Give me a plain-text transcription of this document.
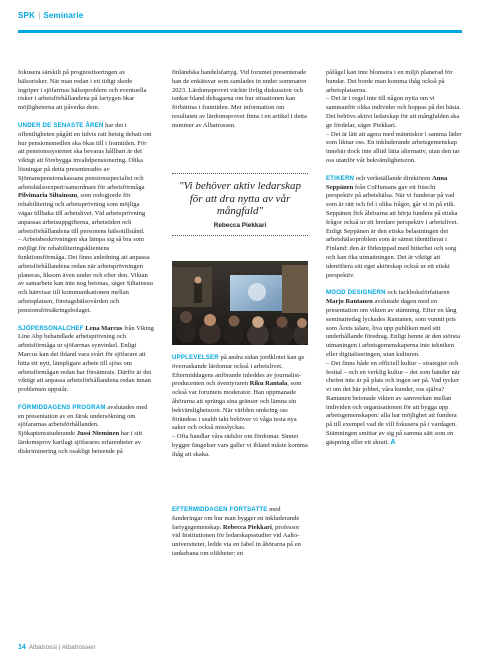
SPK | Seminarie

fokusera särskilt på prognostiseringen av hälsorisker. När man redan i ett tidigt skede ingriper i sjöfarrnas hälsoproblem och eventuella risker i arbetsförhållandena på fartygen ökar möjligheterna att påverka dem.

UNDER DE SENASTE ÅREN har det i offentligheten pågått en tidvis ratt hetsig debatt om hur pensionsmedlen ska ökas till i framtiden. För att pensionssystemet ska bevaras hållbart är det viktigt att förebygga invalidpensionering. Olika lösningar på detta presenterades av Sjömanspensionskassans pensionsspecialist och arbetshälsoexpert/samordnare för arbetsförmåga Pilvimaria Siltainsuu, som redogjorde för rehabilitering och arbetsprövning som möjliga vägar tillbaka till arbetslivet. Vid arbetsprövning anpassas arbetsuppgifterna, arbetstiden och arbetsförhållandena till personens hälsotillstånd.

– Arbetsbeskrivningen ska lämpa sig så bra som möjligt för rehabiliteringsklientens funktionsförmåga. Det finns anledning att anpassa arbetsförhållandena redan när arbetsprövningen planeras, liksom även under och efter den. Viktan av samarbete kan inte nog betonas, säger Siltainsuu och hänvisar till kommunikationen mellan arbetsplatsen, företagshälsovården och pensionsförsäkringsbolaget.

SJÖPERSONALCHEF Lena Marcus från Viking Line Abp behandlade arbetsprövning och arbetsförmåga ur sjöfarrnas synvinkel. Enligt Marcus kan det ibland vara svårt för sjöfarare att hitta ett nytt, lämpligare arbete till sjöss om arbetsförmågan redan har försämrats. Därför är det viktigt att anpassa arbetsförhållandena redan innan problemen uppstår.

FÖRMIDDAGENS PROGRAM avslutades med en presentation av en färsk undersökning om sjöfararnas arbetsförhållanden. Sjökaptensstuderande Jussi Nieminen har i sitt lärdomsprov kartlagt sjöfarares erfarenheter av diskriminering och osakligt beteende på

finländska handelsfartyg. Vid forumet presenterade han de enkätsvar som samlades in under sommaren 2023. Lärdomsprovet väckte livlig diskussion och tankar bland deltagarna om hur situationen kan förbättras i framtiden. Mer information om resultaten av lärdomsprovet finns i en artikel i detta nummer av Albatrossen.

"Vi behöver aktiv ledarskap för att dra nytta av vår mångfald"
Rebecca Piekkari

UPPLEVELSER på andra sidan jordklotet kan ge överraskande lärdomar också i arbetslivet. Eftermiddagens anförande inleddes av journalist-producenten och äventyraren Riku Rantala, som också var forumets moderator. Han uppmanade åhörarna att spränga sina gränser och lämna sin bekvämlighetszon. När världen omkring oss förändras i snabb takt behöver vi våga testa nya saker och också misslyckas.

– Ofta handlar våra rädslor om fördomar. Sinnet bygger fängelser vars galler vi ibland måste komma ihåg att skaka.

EFTERMIDDAGEN FORTSATTE med funderingar om hur man bygger en inkluderande fartygsgemenskap. Rebecca Piekkari, professor vid Institutionen för ledarskapsstudier vid Aalto-universitetet, ledde via en fabel in åhörarna på en tankebana om olikheter: en

påfågel kan inte blomstra i en miljö planerad för hundar. Det borde man komma ihåg också på arbetsplatserna.

– Det är i regel inte till någon nytta om vi sammanför olika individer och hoppas på det bästa. Det behövs aktivt ledarskap för att mångfalden ska ge fördelar, säger Piekkari.

– Det är lätt att agera med människor i samma läder som liknar oss. En inkluderande arbetsgemenskap innebär dock inte alltid lätta alternativ, utan den tar oss utanför vår bekvämlighetszon.

ETIKERN och verkställande direktören Anna Seppänen från CoHumans gav ett fräscht perspektiv på arbetshälsa. När vi funderar på vad som är rätt och fel i olika frågor, går vi in på etik. Seppänen fick åhörarna att börja fundera på etiska frågor också ur ett bredare perspektiv i arbetslivet. Enligt Seppänen är den etiska belastningen det arbetshälsoproblem som är sämst identifierat i Finland: den är förknippad med bitterhet och sorg och kan öka utmattningen. Det är viktigt att identifiera sitt eget aktörskap också ur ett etiskt perspektiv.

MOOD DESIGNERN och fackboksförfattaren Marjo Rantanen avslutade dagen med en presentation om vikten av stämning. Efter en lång seminariedag lyckades Rantanen, som vunnit pris som Årets talare, liva upp publiken med sitt underhållande föredrag. Enligt henne är den största utmaningen i arbetsgemenskaperna inte tekniken eller digitaliseringen, utan kulturen.

– Det finns både en officiell kultur – strategier och festtal – och en verklig kultur – det som händer när chefen inte är på plats och ingen ser på. Vad tycker vi om det här jobbet, våra kunder, oss själva?

Rantanen betonade vikten av samverkan mellan individen och organisationen för att bygga upp arbetsgemenskapen: alla har möjlighet att fundera på till exempel vad de vill fokusera på i vardagen. Stämningen smittar av sig på samma sätt som en gäspning eller ett skratt. A

14 Albatrossi | Albatrossen
